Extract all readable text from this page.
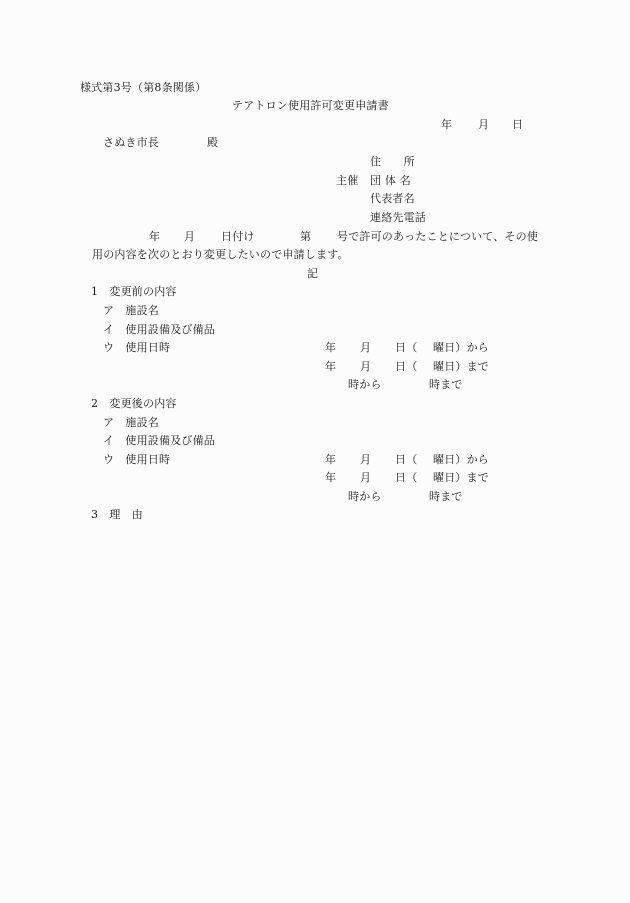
様式第3号（第8条関係）
テアトロン使用許可変更申請書
年 月 日
さぬき市長	殿
住　　所
主催 団 体 名
代表者名
連絡先電話
年 月 日付け	第 号で許可のあったことについて、その使
用の内容を次のとおり変更したいので申請します。
記
1　変更前の内容
ア　施設名
イ　使用設備及び備品
ウ　使用日時	年 月 日（ 曜日）から
年 月 日（ 曜日）まで
時から	時まで
2　変更後の内容
ア　施設名
イ　使用設備及び備品
ウ　使用日時	年 月 日（ 曜日）から
年 月 日（ 曜日）まで
時から	時まで
3　理　由
